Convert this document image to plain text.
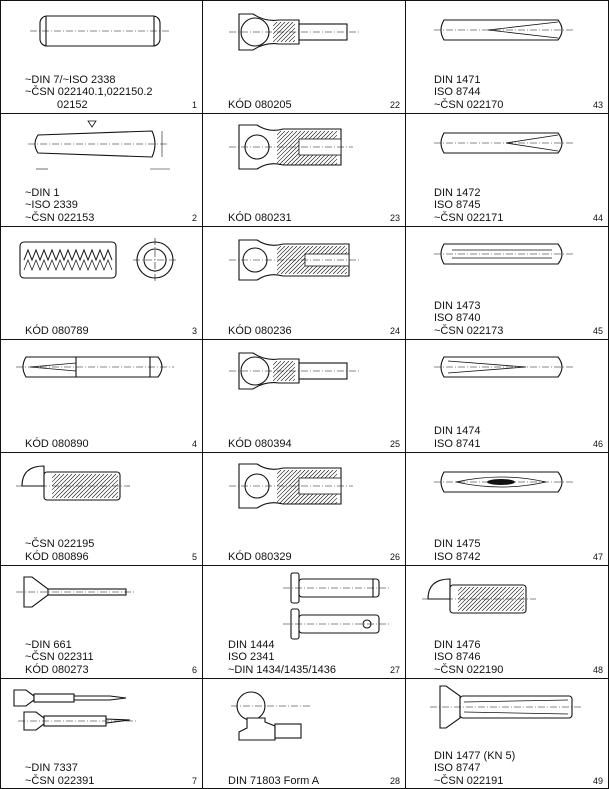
~DIN 7/~ISO 2338
~ČSN 022140.1,022150.2
02152	1
~DIN 1
~ISO 2339
~ČSN 022153	2
KÓD 080789	3
KÓD 080890	4
~ČSN 022195
KÓD 080896	5
~DIN 661
~ČSN 022311
KÓD 080273	6
~DIN 7337
~ČSN 022391	7
KÓD 080205	22
KÓD 080231	23
KÓD 080236	24
KÓD 080394	25
KÓD 080329	26
DIN 1444
ISO 2341
~DIN 1434/1435/1436	27
DIN 71803 Form A	28
DIN 1471
ISO 8744
~ČSN 022170	43
DIN 1472
ISO 8745
~ČSN 022171	44
DIN 1473
ISO 8740
~ČSN 022173	45
DIN 1474
ISO 8741	46
DIN 1475
ISO 8742	47
DIN 1476
ISO 8746
~ČSN 022190	48
DIN 1477 (KN 5)
ISO 8747
~ČSN 022191	49
